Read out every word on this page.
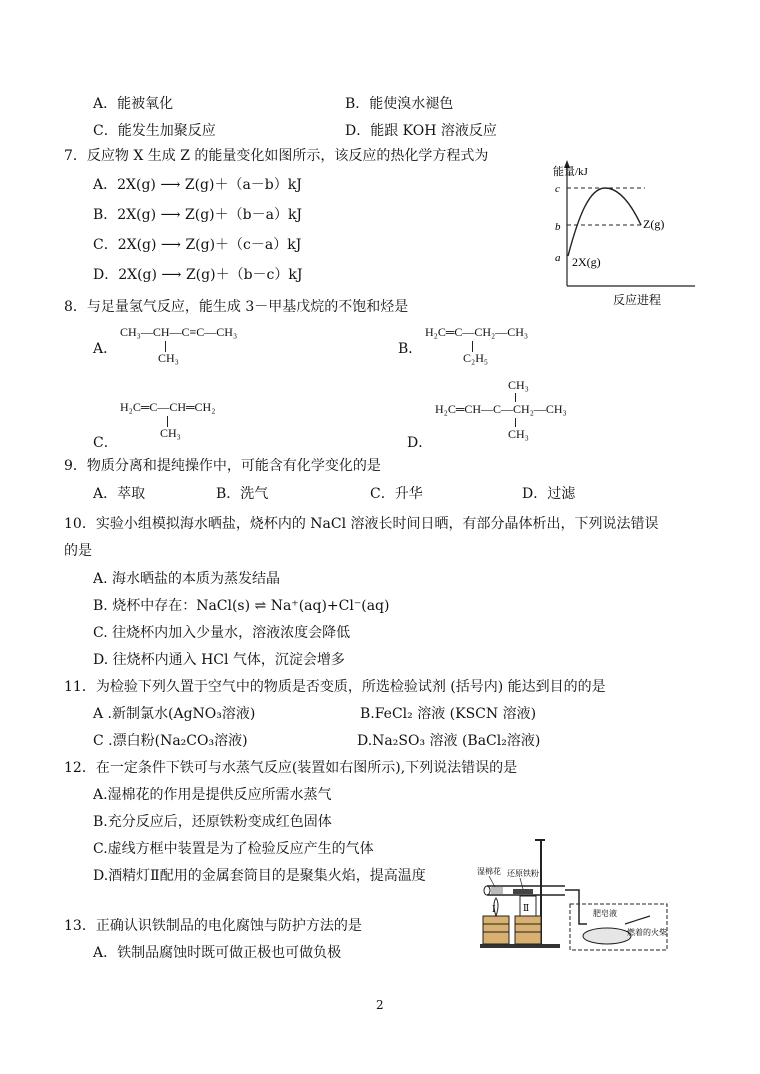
A．能被氧化	B．能使溴水褪色
C．能发生加聚反应	D．能跟 KOH 溶液反应
7．反应物 X 生成 Z 的能量变化如图所示，该反应的热化学方程式为
A．2X(g) ⟶ Z(g)＋（a－b）kJ
B．2X(g) ⟶ Z(g)＋（b－a）kJ
C．2X(g) ⟶ Z(g)＋（c－a）kJ
D．2X(g) ⟶ Z(g)＋（b－c）kJ
能量/kJ
c
b
a
Z(g)
2X(g)
反应进程
8．与足量氢气反应，能生成 3－甲基戊烷的不饱和烃是
A．
CH₃—CH—C≡C—CH₃
CH₃
B．
H₂C═C—CH₂—CH₃
C₂H₅
C．
H₂C═C—CH═CH₂
CH₃
D．
CH₃
H₂C═CH—C—CH₂—CH₃
CH₃
9．物质分离和提纯操作中，可能含有化学变化的是
A．萃取	B．洗气	C．升华	D．过滤
10．实验小组模拟海水晒盐，烧杯内的 NaCl 溶液长时间日晒，有部分晶体析出，下列说法错误
的是
A. 海水晒盐的本质为蒸发结晶
B. 烧杯中存在：NaCl(s) ⇌ Na⁺(aq)+Cl⁻(aq)
C. 往烧杯内加入少量水，溶液浓度会降低
D. 往烧杯内通入 HCl 气体，沉淀会增多
11．为检验下列久置于空气中的物质是否变质，所选检验试剂 (括号内) 能达到目的的是
A .新制氯水(AgNO₃溶液)	B.FeCl₂ 溶液 (KSCN 溶液)
C .漂白粉(Na₂CO₃溶液)	D.Na₂SO₃ 溶液 (BaCl₂溶液)
12．在一定条件下铁可与水蒸气反应(装置如右图所示),下列说法错误的是
A.湿棉花的作用是提供反应所需水蒸气
B.充分反应后，还原铁粉变成红色固体
C.虚线方框中装置是为了检验反应产生的气体
D.酒精灯Ⅱ配用的金属套筒目的是聚集火焰，提高温度
Ⅰ	Ⅱ
湿棉花 还原铁粉
肥皂液
燃着的火柴
13．正确认识铁制品的电化腐蚀与防护方法的是
A．铁制品腐蚀时既可做正极也可做负极
2
